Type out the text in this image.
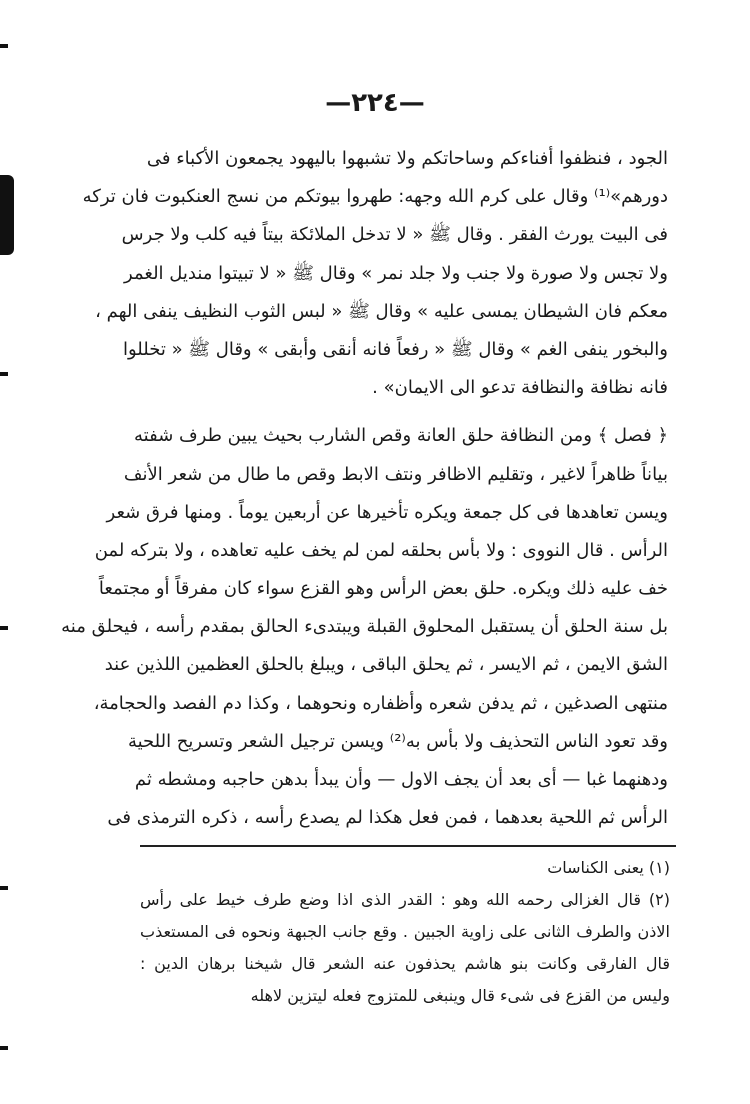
—٢٢٤—
الجود ، فنظفوا أفناءكم وساحاتكم ولا تشبهوا باليهود يجمعون الأكباء فى
دورهم»⁽¹⁾ وقال على كرم الله وجهه: طهروا بيوتكم من نسج العنكبوت فان تركه
فى البيت يورث الفقر . وقال ﷺ « لا تدخل الملائكة بيتاً فيه كلب ولا جرس
ولا تجس ولا صورة ولا جنب ولا جلد نمر » وقال ﷺ « لا تبيتوا منديل الغمر
معكم فان الشيطان يمسى عليه » وقال ﷺ « لبس الثوب النظيف ينفى الهم ،
والبخور ينفى الغم » وقال ﷺ « رفعاً فانه أنقى وأبقى » وقال ﷺ « تخللوا
فانه نظافة والنظافة تدعو الى الايمان» .
﴿ فصل ﴾ ومن النظافة حلق العانة وقص الشارب بحيث يبين طرف شفته
بياناً ظاهراً لاغير ، وتقليم الاظافر ونتف الابط وقص ما طال من شعر الأنف
ويسن تعاهدها فى كل جمعة ويكره تأخيرها عن أربعين يوماً . ومنها فرق شعر
الرأس . قال النووى : ولا بأس بحلقه لمن لم يخف عليه تعاهده ، ولا بتركه لمن
خف عليه ذلك ويكره. حلق بعض الرأس وهو القزع سواء كان مفرقاً أو مجتمعاً
بل سنة الحلق أن يستقبل المحلوق القبلة ويبتدىء الحالق بمقدم رأسه ، فيحلق منه
الشق الايمن ، ثم الايسر ، ثم يحلق الباقى ، ويبلغ بالحلق العظمين اللذين عند
منتهى الصدغين ، ثم يدفن شعره وأظفاره ونحوهما ، وكذا دم الفصد والحجامة،
وقد تعود الناس التحذيف ولا بأس به⁽²⁾ ويسن ترجيل الشعر وتسريح اللحية
ودهنهما غبا — أى بعد أن يجف الاول — وأن يبدأ بدهن حاجبه ومشطه ثم
الرأس ثم اللحية بعدهما ، فمن فعل هكذا لم يصدع رأسه ، ذكره الترمذى فى
(١) يعنى الكناسات
(٢) قال الغزالى رحمه الله وهو : القدر الذى اذا وضع طرف خيط على رأس
الاذن والطرف الثانى على زاوية الجبين . وقع جانب الجبهة ونحوه فى المستعذب
قال الفارقى وكانت بنو هاشم يحذفون عنه الشعر قال شيخنا برهان الدين :
وليس من القزع فى شىء قال وينبغى للمتزوج فعله ليتزين لاهله
